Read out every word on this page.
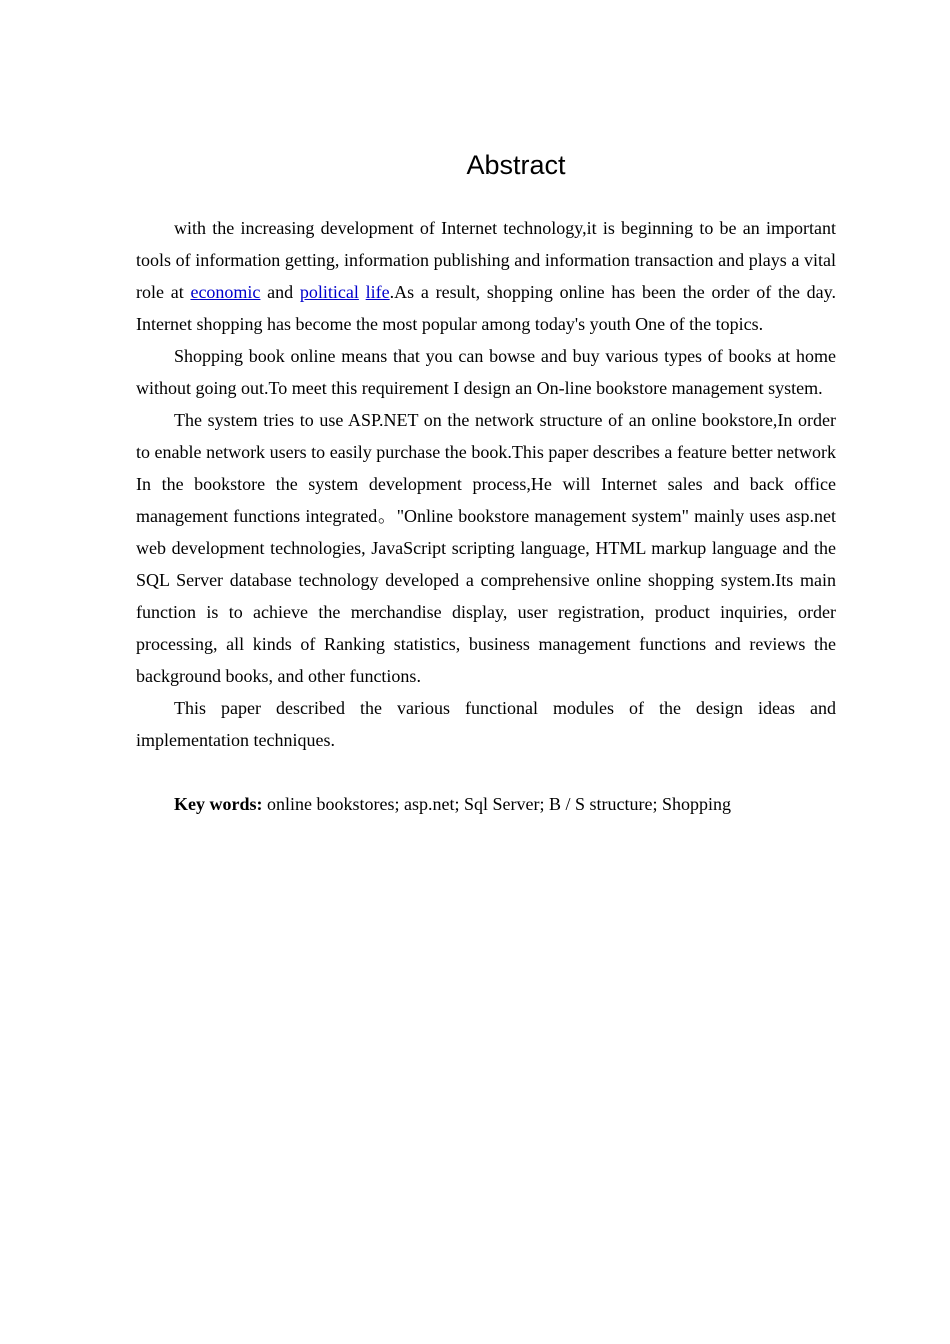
Abstract

with the increasing development of Internet technology,it is beginning to be an important tools of information getting, information publishing and information transaction and plays a vital role at economic and political life.As a result, shopping online has been the order of the day. Internet shopping has become the most popular among today's youth One of the topics.

Shopping book online means that you can bowse and buy various types of books at home without going out.To meet this requirement I design an On-line bookstore management system.

The system tries to use ASP.NET on the network structure of an online bookstore,In order to enable network users to easily purchase the book.This paper describes a feature better network In the bookstore the system development process,He will Internet sales and back office management functions integrated。"Online bookstore management system" mainly uses asp.net web development technologies, JavaScript scripting language, HTML markup language and the SQL Server database technology developed a comprehensive online shopping system.Its main function is to achieve the merchandise display, user registration, product inquiries, order processing, all kinds of Ranking statistics, business management functions and reviews the background books, and other functions.

This paper described the various functional modules of the design ideas and implementation techniques.

Key words: online bookstores; asp.net; Sql Server; B / S structure; Shopping
